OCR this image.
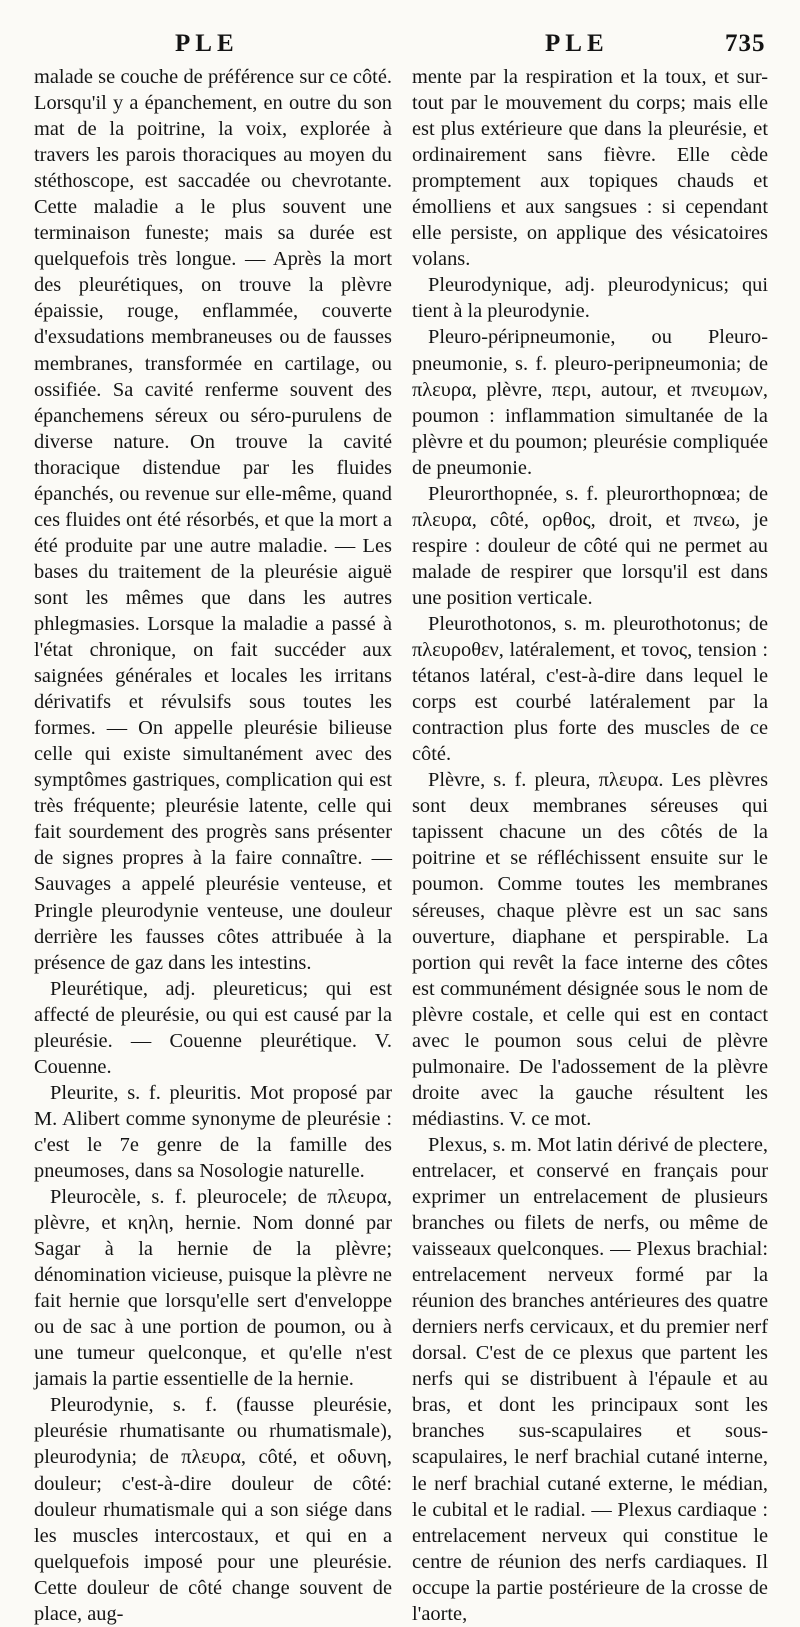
PLE	PLE	735

malade se couche de préférence sur ce côté. Lorsqu'il y a épanchement, en outre du son mat de la poitrine, la voix, explorée à travers les parois thoraciques au moyen du stéthoscope, est saccadée ou chevrotante. Cette maladie a le plus souvent une terminaison funeste; mais sa durée est quelquefois très longue. — Après la mort des pleurétiques, on trouve la plèvre épaissie, rouge, enflammée, couverte d'exsudations membraneuses ou de fausses membranes, transformée en cartilage, ou ossifiée. Sa cavité renferme souvent des épanchemens séreux ou séro-purulens de diverse nature. On trouve la cavité thoracique distendue par les fluides épanchés, ou revenue sur elle-même, quand ces fluides ont été résorbés, et que la mort a été produite par une autre maladie. — Les bases du traitement de la pleurésie aiguë sont les mêmes que dans les autres phlegmasies. Lorsque la maladie a passé à l'état chronique, on fait succéder aux saignées générales et locales les irritans dérivatifs et révulsifs sous toutes les formes. — On appelle pleurésie bilieuse celle qui existe simultanément avec des symptômes gastriques, complication qui est très fréquente; pleurésie latente, celle qui fait sourdement des progrès sans présenter de signes propres à la faire connaître. — Sauvages a appelé pleurésie venteuse, et Pringle pleurodynie venteuse, une douleur derrière les fausses côtes attribuée à la présence de gaz dans les intestins.

Pleurétique, adj. pleureticus; qui est affecté de pleurésie, ou qui est causé par la pleurésie. — Couenne pleurétique. V. Couenne.

Pleurite, s. f. pleuritis. Mot proposé par M. Alibert comme synonyme de pleurésie : c'est le 7e genre de la famille des pneumoses, dans sa Nosologie naturelle.

Pleurocèle, s. f. pleurocele; de πλευρα, plèvre, et κηλη, hernie. Nom donné par Sagar à la hernie de la plèvre; dénomination vicieuse, puisque la plèvre ne fait hernie que lorsqu'elle sert d'enveloppe ou de sac à une portion de poumon, ou à une tumeur quelconque, et qu'elle n'est jamais la partie essentielle de la hernie.

Pleurodynie, s. f. (fausse pleurésie, pleurésie rhumatisante ou rhumatismale), pleurodynia; de πλευρα, côté, et οδυνη, douleur; c'est-à-dire douleur de côté: douleur rhumatismale qui a son siége dans les muscles intercostaux, et qui en a quelquefois imposé pour une pleurésie. Cette douleur de côté change souvent de place, aug-

mente par la respiration et la toux, et sur-tout par le mouvement du corps; mais elle est plus extérieure que dans la pleurésie, et ordinairement sans fièvre. Elle cède promptement aux topiques chauds et émolliens et aux sangsues : si cependant elle persiste, on applique des vésicatoires volans.

Pleurodynique, adj. pleurodynicus; qui tient à la pleurodynie.

Pleuro-péripneumonie, ou Pleuro-pneumonie, s. f. pleuro-peripneumonia; de πλευρα, plèvre, περι, autour, et πνευμων, poumon : inflammation simultanée de la plèvre et du poumon; pleurésie compliquée de pneumonie.

Pleurorthopnée, s. f. pleurorthopnœa; de πλευρα, côté, ορθος, droit, et πνεω, je respire : douleur de côté qui ne permet au malade de respirer que lorsqu'il est dans une position verticale.

Pleurothotonos, s. m. pleurothotonus; de πλευροθεν, latéralement, et τονος, tension : tétanos latéral, c'est-à-dire dans lequel le corps est courbé latéralement par la contraction plus forte des muscles de ce côté.

Plèvre, s. f. pleura, πλευρα. Les plèvres sont deux membranes séreuses qui tapissent chacune un des côtés de la poitrine et se réfléchissent ensuite sur le poumon. Comme toutes les membranes séreuses, chaque plèvre est un sac sans ouverture, diaphane et perspirable. La portion qui revêt la face interne des côtes est communément désignée sous le nom de plèvre costale, et celle qui est en contact avec le poumon sous celui de plèvre pulmonaire. De l'adossement de la plèvre droite avec la gauche résultent les médiastins. V. ce mot.

Plexus, s. m. Mot latin dérivé de plectere, entrelacer, et conservé en français pour exprimer un entrelacement de plusieurs branches ou filets de nerfs, ou même de vaisseaux quelconques. — Plexus brachial: entrelacement nerveux formé par la réunion des branches antérieures des quatre derniers nerfs cervicaux, et du premier nerf dorsal. C'est de ce plexus que partent les nerfs qui se distribuent à l'épaule et au bras, et dont les principaux sont les branches sus-scapulaires et sous-scapulaires, le nerf brachial cutané interne, le nerf brachial cutané externe, le médian, le cubital et le radial. — Plexus cardiaque : entrelacement nerveux qui constitue le centre de réunion des nerfs cardiaques. Il occupe la partie postérieure de la crosse de l'aorte,
